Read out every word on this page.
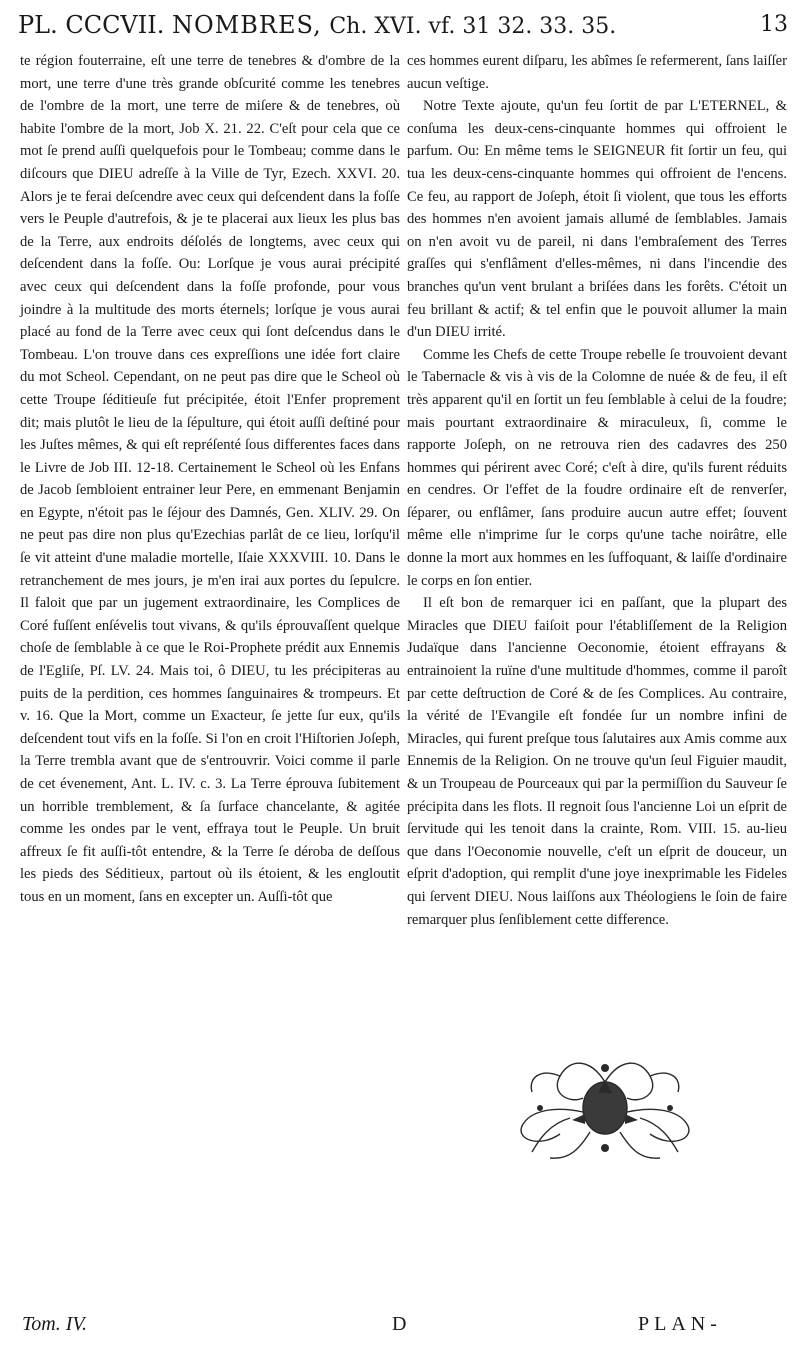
PL. CCCVII. NOMBRES, Ch. XVI. vf. 31 32. 33. 35.	13

te région fouterraine, eſt une terre de tenebres & d'ombre de la mort, une terre d'une très grande obſcurité comme les tenebres de l'ombre de la mort, une terre de miſere & de tenebres, où habite l'ombre de la mort, Job X. 21. 22. C'eſt pour cela que ce mot ſe prend auſſi quelquefois pour le Tombeau; comme dans le diſcours que DIEU adreſſe à la Ville de Tyr, Ezech. XXVI. 20. Alors je te ferai deſcendre avec ceux qui deſcendent dans la foſſe vers le Peuple d'autrefois, & je te placerai aux lieux les plus bas de la Terre, aux endroits déſolés de longtems, avec ceux qui deſcendent dans la foſſe. Ou: Lorſque je vous aurai précipité avec ceux qui deſcendent dans la foſſe profonde, pour vous joindre à la multitude des morts éternels; lorſque je vous aurai placé au fond de la Terre avec ceux qui ſont deſcendus dans le Tombeau. L'on trouve dans ces expreſſions une idée fort claire du mot Scheol. Cependant, on ne peut pas dire que le Scheol où cette Troupe ſéditieuſe fut précipitée, étoit l'Enfer proprement dit; mais plutôt le lieu de la ſépulture, qui étoit auſſi deſtiné pour les Juſtes mêmes, & qui eſt repréſenté ſous differentes faces dans le Livre de Job III. 12-18. Certainement le Scheol où les Enfans de Jacob ſembloient entrainer leur Pere, en emmenant Benjamin en Egypte, n'étoit pas le ſéjour des Damnés, Gen. XLIV. 29. On ne peut pas dire non plus qu'Ezechias parlât de ce lieu, lorſqu'il ſe vit atteint d'une maladie mortelle, Iſaie XXXVIII. 10. Dans le retranchement de mes jours, je m'en irai aux portes du ſepulcre. Il faloit que par un jugement extraordinaire, les Complices de Coré fuſſent enſévelis tout vivans, & qu'ils éprouvaſſent quelque choſe de ſemblable à ce que le Roi-Prophete prédit aux Ennemis de l'Egliſe, Pſ. LV. 24. Mais toi, ô DIEU, tu les précipiteras au puits de la perdition, ces hommes ſanguinaires & trompeurs. Et v. 16. Que la Mort, comme un Exacteur, ſe jette ſur eux, qu'ils deſcendent tout vifs en la foſſe. Si l'on en croit l'Hiſtorien Joſeph, la Terre trembla avant que de s'entrouvrir. Voici comme il parle de cet évenement, Ant. L. IV. c. 3. La Terre éprouva ſubitement un horrible tremblement, & ſa ſurface chancelante, & agitée comme les ondes par le vent, effraya tout le Peuple. Un bruit affreux ſe fit auſſi-tôt entendre, & la Terre ſe déroba de deſſous les pieds des Séditieux, partout où ils étoient, & les engloutit tous en un moment, ſans en excepter un. Auſſi-tôt que

ces hommes eurent diſparu, les abîmes ſe refermerent, ſans laiſſer aucun veſtige.

Notre Texte ajoute, qu'un feu ſortit de par L'ETERNEL, & conſuma les deux-cens-cinquante hommes qui offroient le parfum. Ou: En même tems le SEIGNEUR fit ſortir un feu, qui tua les deux-cens-cinquante hommes qui offroient de l'encens. Ce feu, au rapport de Joſeph, étoit ſi violent, que tous les efforts des hommes n'en avoient jamais allumé de ſemblables. Jamais on n'en avoit vu de pareil, ni dans l'embraſement des Terres graſſes qui s'enflâment d'elles-mêmes, ni dans l'incendie des branches qu'un vent brulant a briſées dans les forêts. C'étoit un feu brillant & actif; & tel enfin que le pouvoit allumer la main d'un DIEU irrité.

Comme les Chefs de cette Troupe rebelle ſe trouvoient devant le Tabernacle & vis à vis de la Colomne de nuée & de feu, il eſt très apparent qu'il en ſortit un feu ſemblable à celui de la foudre; mais pourtant extraordinaire & miraculeux, ſi, comme le rapporte Joſeph, on ne retrouva rien des cadavres des 250 hommes qui périrent avec Coré; c'eſt à dire, qu'ils furent réduits en cendres. Or l'effet de la foudre ordinaire eſt de renverſer, ſéparer, ou enflâmer, ſans produire aucun autre effet; ſouvent même elle n'imprime ſur le corps qu'une tache noirâtre, elle donne la mort aux hommes en les ſuffoquant, & laiſſe d'ordinaire le corps en ſon entier.

Il eſt bon de remarquer ici en paſſant, que la plupart des Miracles que DIEU faiſoit pour l'établiſſement de la Religion Judaïque dans l'ancienne Oeconomie, étoient effrayans & entrainoient la ruïne d'une multitude d'hommes, comme il paroît par cette deſtruction de Coré & de ſes Complices. Au contraire, la vérité de l'Evangile eſt fondée ſur un nombre infini de Miracles, qui furent preſque tous ſalutaires aux Amis comme aux Ennemis de la Religion. On ne trouve qu'un ſeul Figuier maudit, & un Troupeau de Pourceaux qui par la permiſſion du Sauveur ſe précipita dans les flots. Il regnoit ſous l'ancienne Loi un eſprit de ſervitude qui les tenoit dans la crainte, Rom. VIII. 15. au-lieu que dans l'Oeconomie nouvelle, c'eſt un eſprit de douceur, un eſprit d'adoption, qui remplit d'une joye inexprimable les Fideles qui ſervent DIEU. Nous laiſſons aux Théologiens le ſoin de faire remarquer plus ſenſiblement cette difference.

Tom. IV.	D	PLAN-
